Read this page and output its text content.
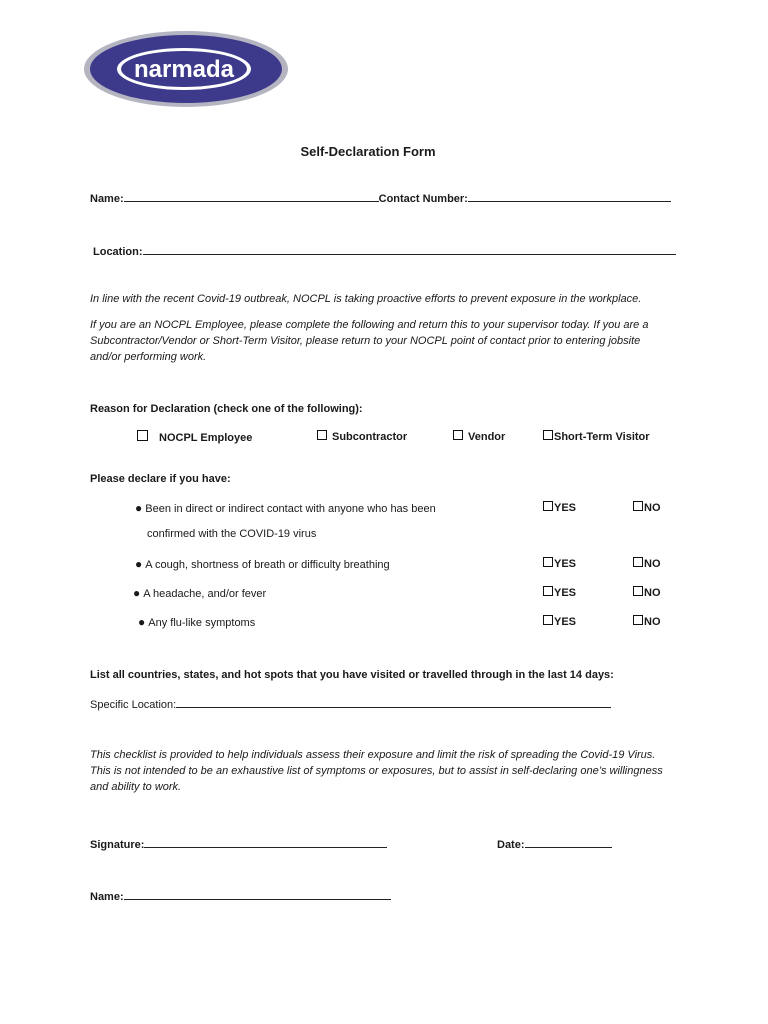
narmada
Self-Declaration Form
Name:	Contact Number:
Location:
In line with the recent Covid-19 outbreak, NOCPL is taking proactive efforts to prevent exposure in the workplace.
If you are an NOCPL Employee, please complete the following and return this to your supervisor today. If you are a
Subcontractor/Vendor or Short-Term Visitor, please return to your NOCPL point of contact prior to entering jobsite
and/or performing work.
Reason for Declaration (check one of the following):
NOCPL Employee	Subcontractor	Vendor	Short-Term Visitor
Please declare if you have:
● Been in direct or indirect contact with anyone who has been
confirmed with the COVID-19 virus
YES	NO
● A cough, shortness of breath or difficulty breathing	YES	NO
● A headache, and/or fever	YES	NO
● Any flu-like symptoms	YES	NO
List all countries, states, and hot spots that you have visited or travelled through in the last 14 days:
Specific Location:
This checklist is provided to help individuals assess their exposure and limit the risk of spreading the Covid-19 Virus.
This is not intended to be an exhaustive list of symptoms or exposures, but to assist in self-declaring one’s willingness
and ability to work.
Signature:	Date:
Name:
